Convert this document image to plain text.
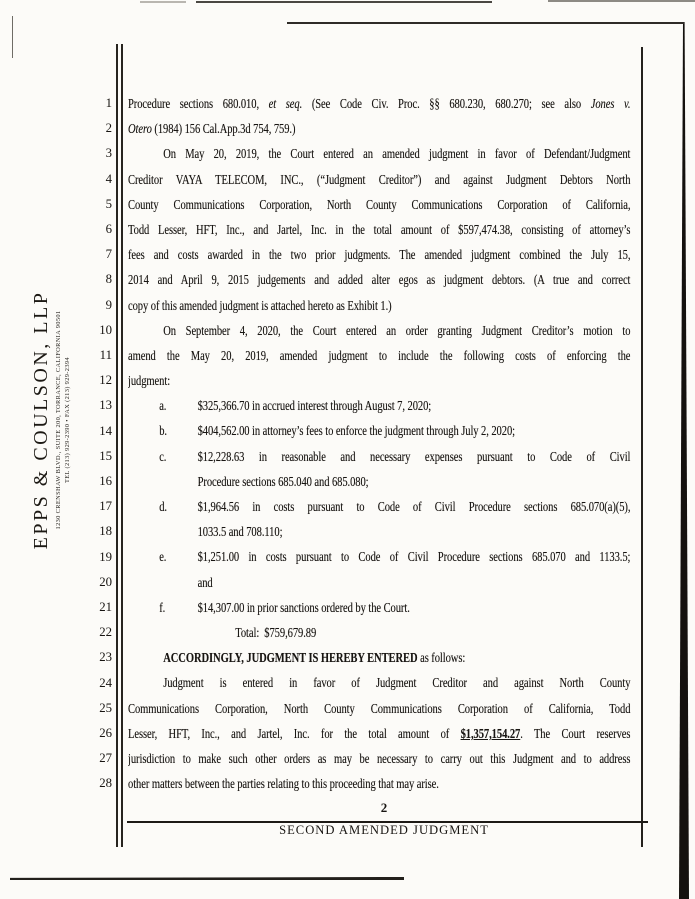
EPPS & COULSON, LLP 1230 CRENSHAW BLVD., SUITE 200, TORRANCE, CALIFORNIA 90501 TEL (213) 929-2390 • FAX (213) 929-2394
1
2
3
4
5
6
7
8
9
10
11
12
13
14
15
16
17
18
19
20
21
22
23
24
25
26
27
28
Procedure sections 680.010, et seq. (See Code Civ. Proc. §§ 680.230, 680.270; see also Jones v.
Otero (1984) 156 Cal.App.3d 754, 759.)
On May 20, 2019, the Court entered an amended judgment in favor of Defendant/Judgment
Creditor VAYA TELECOM, INC., (“Judgment Creditor”) and against Judgment Debtors North
County Communications Corporation, North County Communications Corporation of California,
Todd Lesser, HFT, Inc., and Jartel, Inc. in the total amount of $597,474.38, consisting of attorney’s
fees and costs awarded in the two prior judgments. The amended judgment combined the July 15,
2014 and April 9, 2015 judgements and added alter egos as judgment debtors. (A true and correct
copy of this amended judgment is attached hereto as Exhibit 1.)
On September 4, 2020, the Court entered an order granting Judgment Creditor’s motion to
amend the May 20, 2019, amended judgment to include the following costs of enforcing the
judgment:
a.	$325,366.70 in accrued interest through August 7, 2020;
b.	$404,562.00 in attorney’s fees to enforce the judgment through July 2, 2020;
c.	$12,228.63 in reasonable and necessary expenses pursuant to Code of Civil
Procedure sections 685.040 and 685.080;
d.	$1,964.56 in costs pursuant to Code of Civil Procedure sections 685.070(a)(5),
1033.5 and 708.110;
e.	$1,251.00 in costs pursuant to Code of Civil Procedure sections 685.070 and 1133.5;
and
f.	$14,307.00 in prior sanctions ordered by the Court.
Total:  $759,679.89
ACCORDINGLY, JUDGMENT IS HEREBY ENTERED as follows:
Judgment is entered in favor of Judgment Creditor and against North County
Communications Corporation, North County Communications Corporation of California, Todd
Lesser, HFT, Inc., and Jartel, Inc. for the total amount of $1,357,154.27. The Court reserves
jurisdiction to make such other orders as may be necessary to carry out this Judgment and to address
other matters between the parties relating to this proceeding that may arise.
2
SECOND AMENDED JUDGMENT
